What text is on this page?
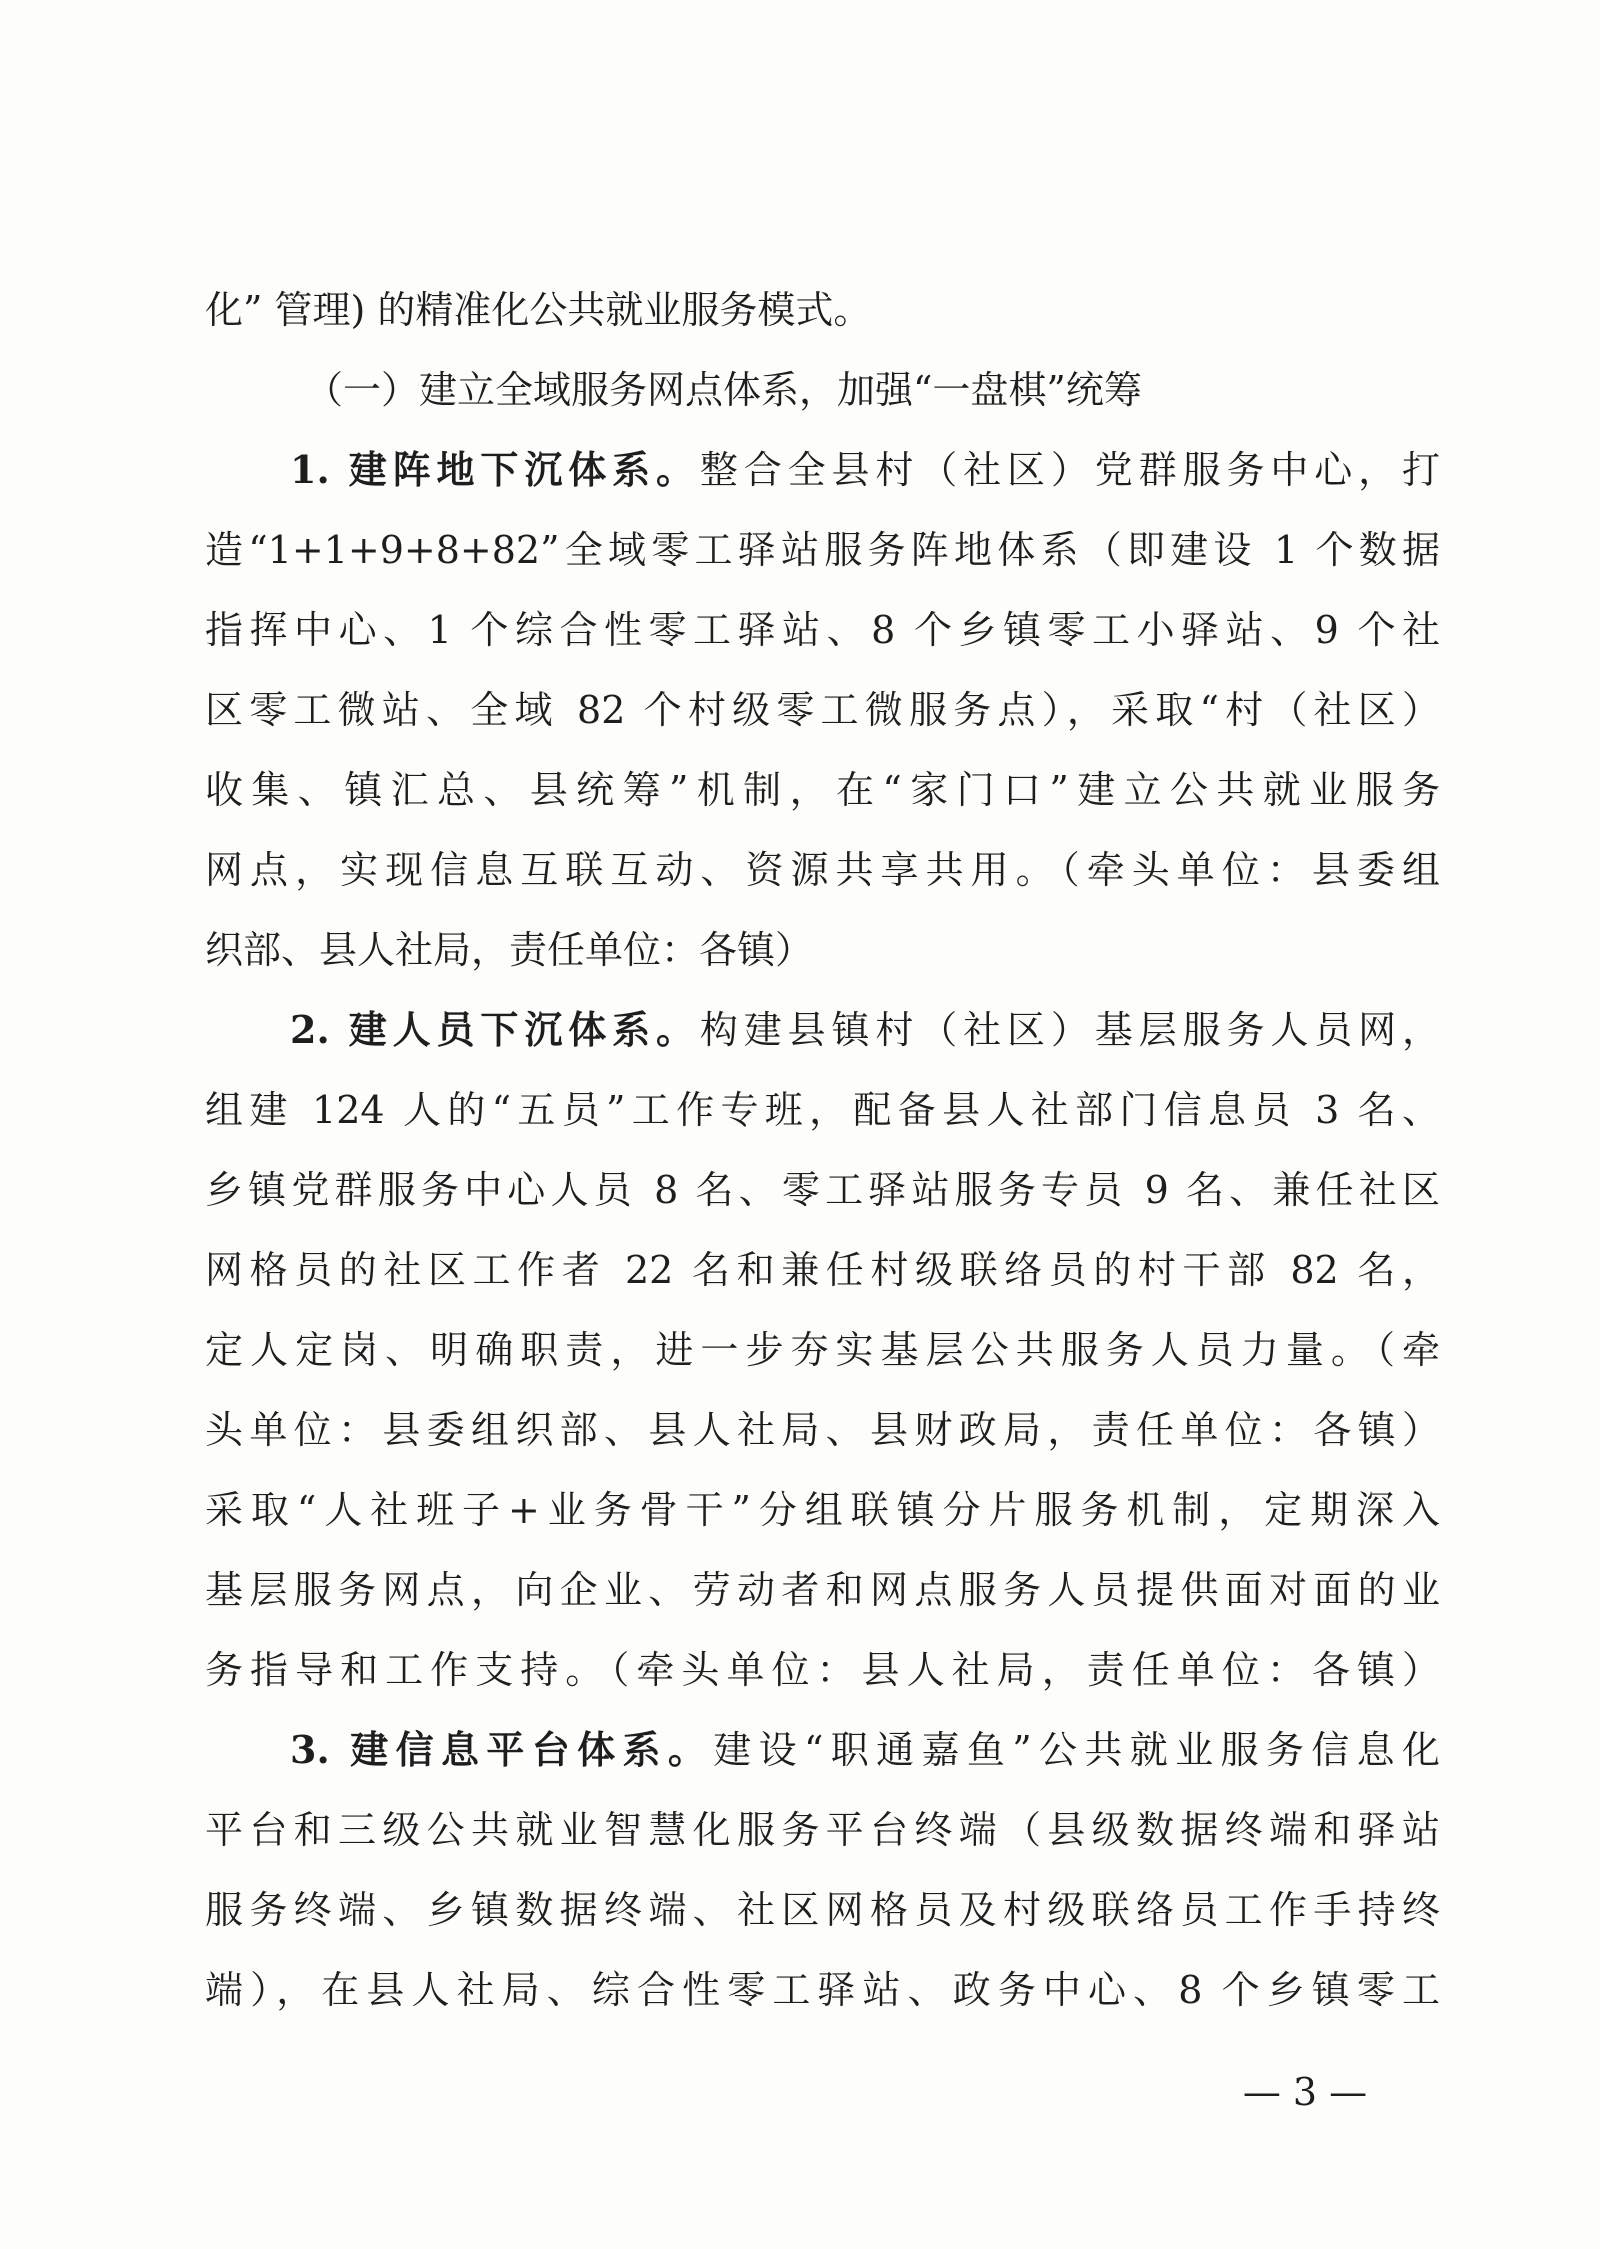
化” 管理) 的精准化公共就业服务模式。
（一）建立全域服务网点体系，加强“一盘棋”统筹
1. 建阵地下沉体系。整合全县村（社区）党群服务中心，打
造“1+1+9+8+82”全域零工驿站服务阵地体系（即建设 1 个数据
指挥中心、1 个综合性零工驿站、8 个乡镇零工小驿站、9 个社
区零工微站、全域 82 个村级零工微服务点），采取“村（社区）
收集、镇汇总、县统筹”机制，在“家门口”建立公共就业服务
网点，实现信息互联互动、资源共享共用。（牵头单位：县委组
织部、县人社局，责任单位：各镇）
2. 建人员下沉体系。构建县镇村（社区）基层服务人员网，
组建 124 人的“五员”工作专班，配备县人社部门信息员 3 名、
乡镇党群服务中心人员 8 名、零工驿站服务专员 9 名、兼任社区
网格员的社区工作者 22 名和兼任村级联络员的村干部 82 名，
定人定岗、明确职责，进一步夯实基层公共服务人员力量。（牵
头单位：县委组织部、县人社局、县财政局，责任单位：各镇）
采取“人社班子+业务骨干”分组联镇分片服务机制，定期深入
基层服务网点，向企业、劳动者和网点服务人员提供面对面的业
务指导和工作支持。（牵头单位：县人社局，责任单位：各镇）
3. 建信息平台体系。建设“职通嘉鱼”公共就业服务信息化
平台和三级公共就业智慧化服务平台终端（县级数据终端和驿站
服务终端、乡镇数据终端、社区网格员及村级联络员工作手持终
端），在县人社局、综合性零工驿站、政务中心、8 个乡镇零工
— 3 —
